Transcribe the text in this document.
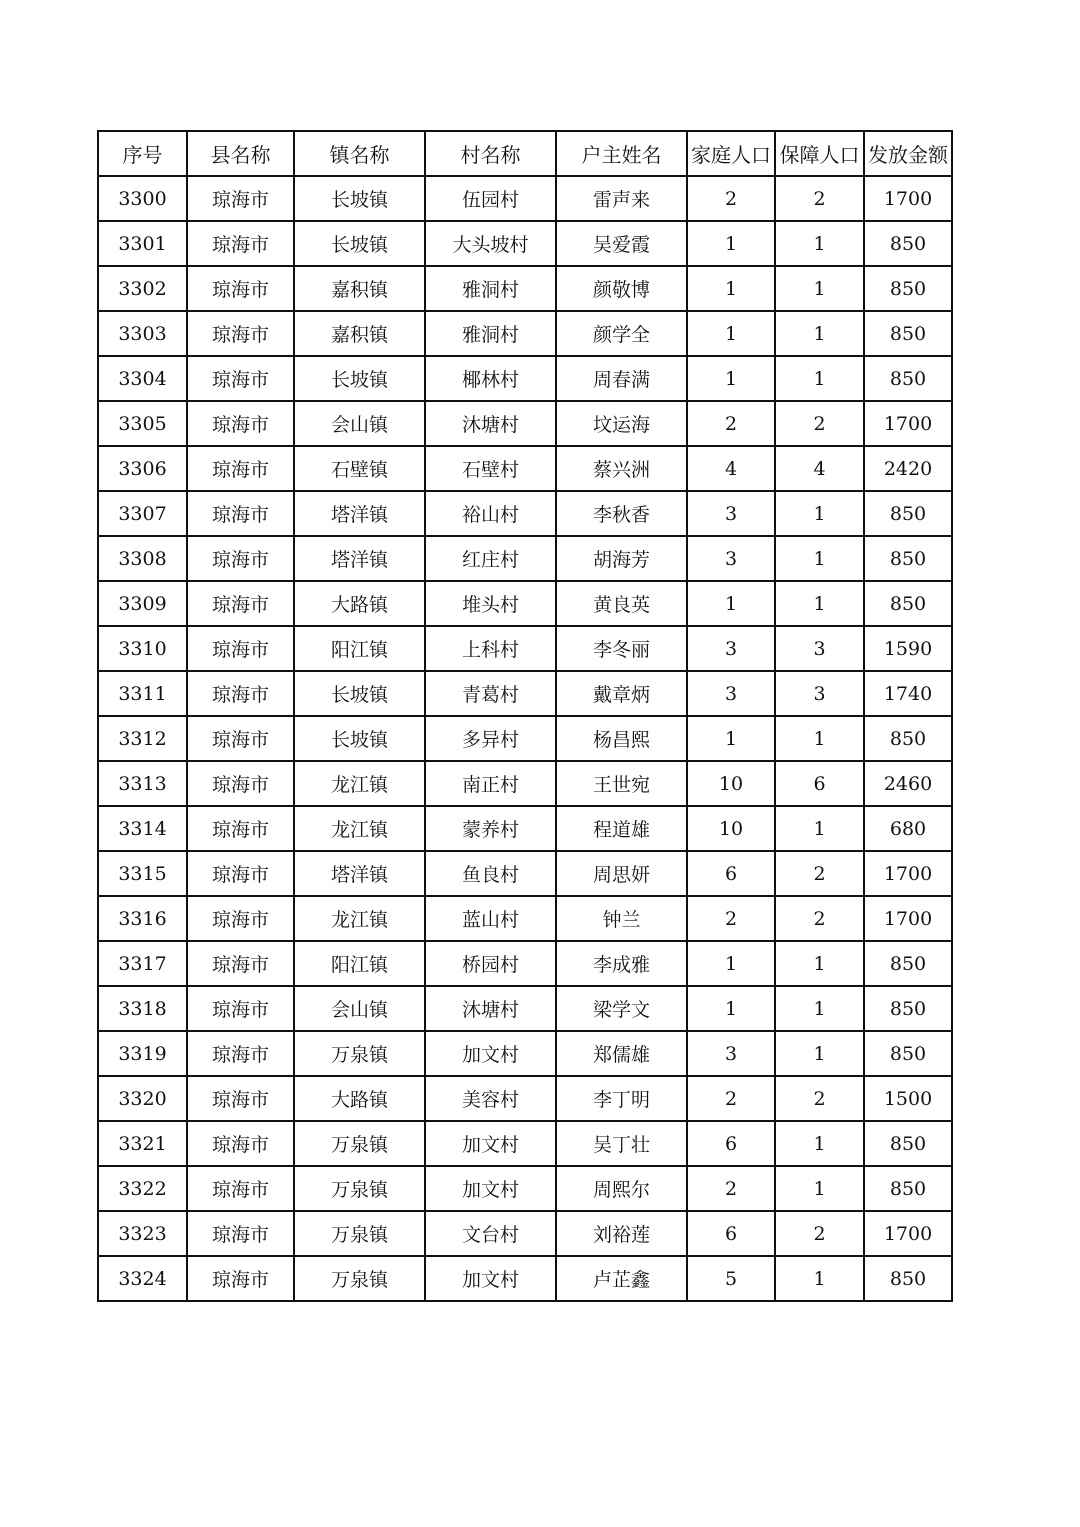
序号	县名称	镇名称	村名称	户主姓名	家庭人口	保障人口	发放金额
3300	琼海市	长坡镇	伍园村	雷声来	2	2	1700
3301	琼海市	长坡镇	大头坡村	吴爱霞	1	1	850
3302	琼海市	嘉积镇	雅洞村	颜敬博	1	1	850
3303	琼海市	嘉积镇	雅洞村	颜学全	1	1	850
3304	琼海市	长坡镇	椰林村	周春满	1	1	850
3305	琼海市	会山镇	沐塘村	坟运海	2	2	1700
3306	琼海市	石壁镇	石壁村	蔡兴洲	4	4	2420
3307	琼海市	塔洋镇	裕山村	李秋香	3	1	850
3308	琼海市	塔洋镇	红庄村	胡海芳	3	1	850
3309	琼海市	大路镇	堆头村	黄良英	1	1	850
3310	琼海市	阳江镇	上科村	李冬丽	3	3	1590
3311	琼海市	长坡镇	青葛村	戴章炳	3	3	1740
3312	琼海市	长坡镇	多异村	杨昌熙	1	1	850
3313	琼海市	龙江镇	南正村	王世宛	10	6	2460
3314	琼海市	龙江镇	蒙养村	程道雄	10	1	680
3315	琼海市	塔洋镇	鱼良村	周思妍	6	2	1700
3316	琼海市	龙江镇	蓝山村	钟兰	2	2	1700
3317	琼海市	阳江镇	桥园村	李成雅	1	1	850
3318	琼海市	会山镇	沐塘村	梁学文	1	1	850
3319	琼海市	万泉镇	加文村	郑儒雄	3	1	850
3320	琼海市	大路镇	美容村	李丁明	2	2	1500
3321	琼海市	万泉镇	加文村	吴丁壮	6	1	850
3322	琼海市	万泉镇	加文村	周熙尔	2	1	850
3323	琼海市	万泉镇	文台村	刘裕莲	6	2	1700
3324	琼海市	万泉镇	加文村	卢芷鑫	5	1	850
